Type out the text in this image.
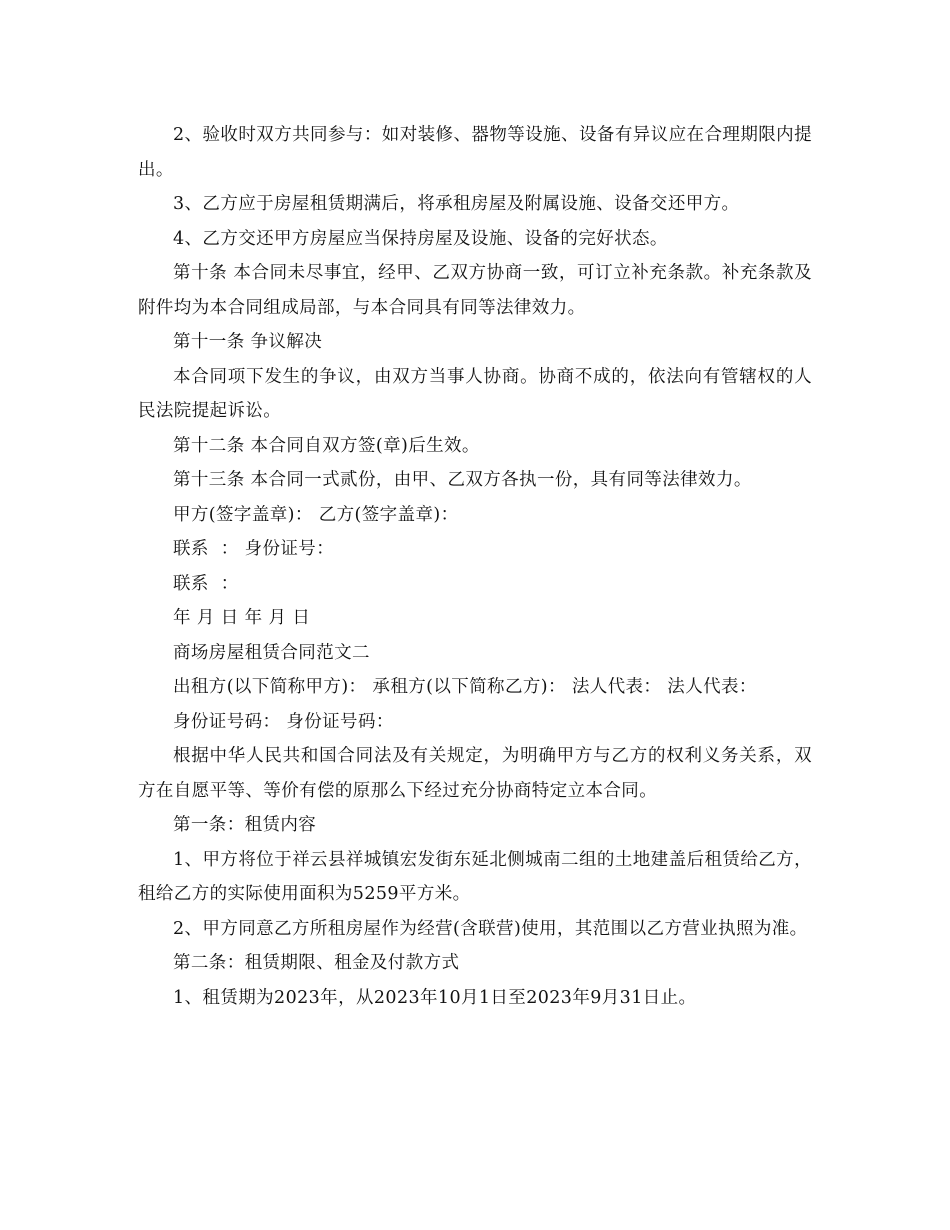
2、验收时双方共同参与：如对装修、器物等设施、设备有异议应在合理期限内提出。

3、乙方应于房屋租赁期满后，将承租房屋及附属设施、设备交还甲方。

4、乙方交还甲方房屋应当保持房屋及设施、设备的完好状态。

第十条 本合同未尽事宜，经甲、乙双方协商一致，可订立补充条款。补充条款及附件均为本合同组成局部，与本合同具有同等法律效力。

第十一条 争议解决

本合同项下发生的争议，由双方当事人协商。协商不成的，依法向有管辖权的人民法院提起诉讼。

第十二条 本合同自双方签(章)后生效。

第十三条 本合同一式贰份，由甲、乙双方各执一份，具有同等法律效力。

甲方(签字盖章)： 乙方(签字盖章)：

联系  ： 身份证号：

联系  ：

年 月 日 年 月 日

商场房屋租赁合同范文二

出租方(以下简称甲方)： 承租方(以下简称乙方)： 法人代表： 法人代表：

身份证号码： 身份证号码：

根据中华人民共和国合同法及有关规定，为明确甲方与乙方的权利义务关系，双方在自愿平等、等价有偿的原那么下经过充分协商特定立本合同。

第一条：租赁内容

1、甲方将位于祥云县祥城镇宏发街东延北侧城南二组的土地建盖后租赁给乙方，租给乙方的实际使用面积为5259平方米。

2、甲方同意乙方所租房屋作为经营(含联营)使用，其范围以乙方营业执照为准。

第二条：租赁期限、租金及付款方式

1、租赁期为2023年，从2023年10月1日至2023年9月31日止。
